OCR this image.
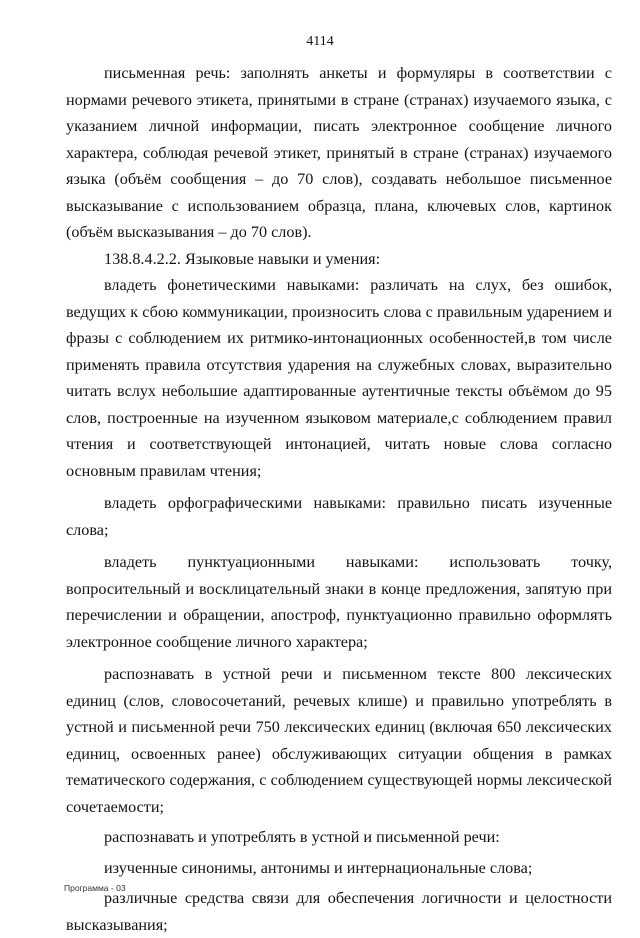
4114

письменная речь: заполнять анкеты и формуляры в соответствии с нормами речевого этикета, принятыми в стране (странах) изучаемого языка, с указанием личной информации, писать электронное сообщение личного характера, соблюдая речевой этикет, принятый в стране (странах) изучаемого языка (объём сообщения – до 70 слов), создавать небольшое письменное высказывание с использованием образца, плана, ключевых слов, картинок (объём высказывания – до 70 слов).

138.8.4.2.2. Языковые навыки и умения:

владеть фонетическими навыками: различать на слух, без ошибок, ведущих к сбою коммуникации, произносить слова с правильным ударением и фразы с соблюдением их ритмико-интонационных особенностей,в том числе применять правила отсутствия ударения на служебных словах, выразительно читать вслух небольшие адаптированные аутентичные тексты объёмом до 95 слов, построенные на изученном языковом материале,с соблюдением правил чтения и соответствующей интонацией, читать новые слова согласно основным правилам чтения;

владеть орфографическими навыками: правильно писать изученные слова;

владеть пунктуационными навыками: использовать точку, вопросительный и восклицательный знаки в конце предложения, запятую при перечислении и обращении, апостроф, пунктуационно правильно оформлять электронное сообщение личного характера;

распознавать в устной речи и письменном тексте 800 лексических единиц (слов, словосочетаний, речевых клише) и правильно употреблять в устной и письменной речи 750 лексических единиц (включая 650 лексических единиц, освоенных ранее) обслуживающих ситуации общения в рамках тематического содержания, с соблюдением существующей нормы лексической сочетаемости;

распознавать и употреблять в устной и письменной речи:

изученные синонимы, антонимы и интернациональные слова;

различные средства связи для обеспечения логичности и целостности высказывания;

Программа - 03
